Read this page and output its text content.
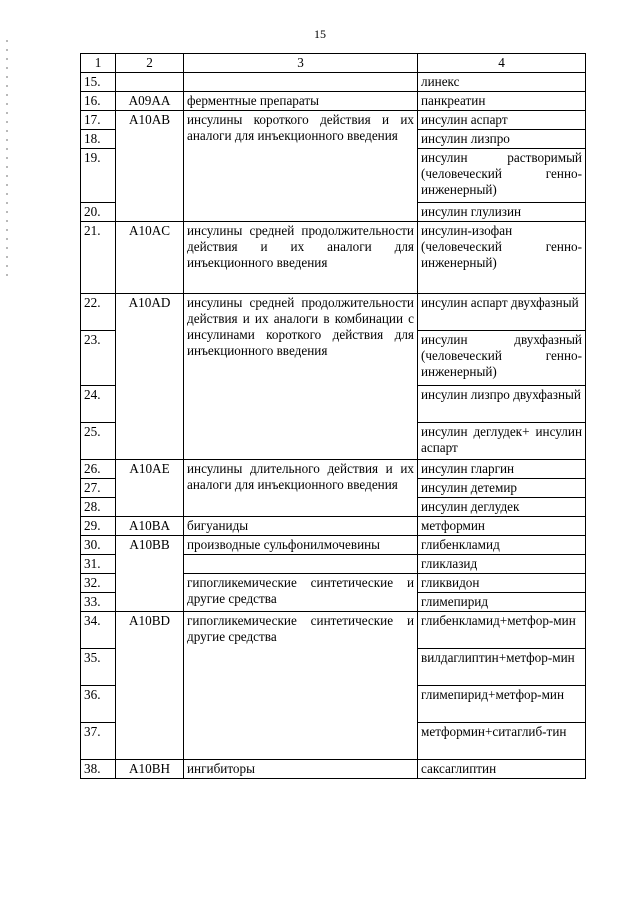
15
1	2	3	4
15.			линекс
16.	A09AA	ферментные препараты	панкреатин
17.	A10AB	инсулины короткого действия и их аналоги для инъекционного введения	инсулин аспарт
18.			инсулин лизпро
19.			инсулин растворимый (человеческий генно-инженерный)
20.			инсулин глулизин
21.	A10AC	инсулины средней продолжительности действия и их аналоги для инъекционного введения	инсулин-изофан (человеческий генно-инженерный)
22.	A10AD	инсулины средней продолжительности действия и их аналоги в комбинации с инсулинами короткого действия для инъекционного введения	инсулин аспарт двухфазный
23.			инсулин двухфазный (человеческий генно-инженерный)
24.			инсулин лизпро двухфазный
25.			инсулин деглудек+ инсулин аспарт
26.	A10AE	инсулины длительного действия и их аналоги для инъекционного введения	инсулин гларгин
27.			инсулин детемир
28.			инсулин деглудек
29.	A10BA	бигуаниды	метформин
30.	A10BB	производные сульфонилмочевины	глибенкламид
31.			гликлазид
32.		гипогликемические синтетические и другие средства	гликвидон
33.			глимепирид
34.	A10BD	гипогликемические синтетические и другие средства	глибенкламид+метфор-мин
35.			вилдаглиптин+метфор-мин
36.			глимепирид+метфор-мин
37.			метформин+ситаглиб-тин
38.	A10BH	ингибиторы	саксаглиптин
